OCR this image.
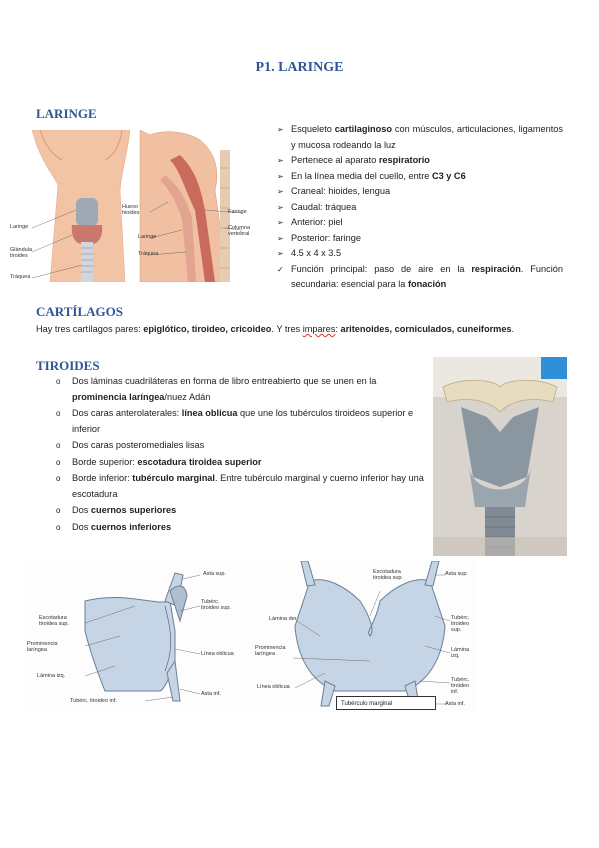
P1. LARINGE
LARINGE
Laringe
Glándula tiroides
Tráquea
Hueso hioides
Laringe
Tráquea
Faringe
Columna vertebral
➢ Esqueleto cartilaginoso con músculos, articulaciones, ligamentos y mucosa rodeando la luz
➢ Pertenece al aparato respiratorio
➢ En la línea media del cuello, entre C3 y C6
➢ Craneal: hioides, lengua
➢ Caudal: tráquea
➢ Anterior: piel
➢ Posterior: faringe
➢ 4.5 x 4 x 3.5
✓ Función principal: paso de aire en la respiración. Función secundaria: esencial para la fonación
CARTÍLAGOS
Hay tres cartílagos pares: epiglótico, tiroideo, cricoideo. Y tres impares: aritenoides, corniculados, cuneiformes.
TIROIDES
o Dos láminas cuadriláteras en forma de libro entreabierto que se unen en la prominencia laríngea/nuez Adán
o Dos caras anterolaterales: línea oblicua que une los tubérculos tiroideos superior e inferior
o Dos caras posteromediales lisas
o Borde superior: escotadura tiroidea superior
o Borde inferior: tubérculo marginal. Entre tubérculo marginal y cuerno inferior hay una escotadura
o Dos cuernos superiores
o Dos cuernos inferiores
Asta sup.
Escotadura tiroidea sup.
Tubérc. tiroideo sup.
Prominencia laríngea
Línea oblicua
Lámina izq.
Asta inf.
Tubérc. tiroideo inf.
Escotadura tiroidea sup.
Asta sup.
Lámina der.	Tubérc. tiroideo sup.
Prominencia laríngea
Lámina izq.
Línea oblicua
Tubérc. tiroideo inf.
Asta inf.
Tubérculo marginal
